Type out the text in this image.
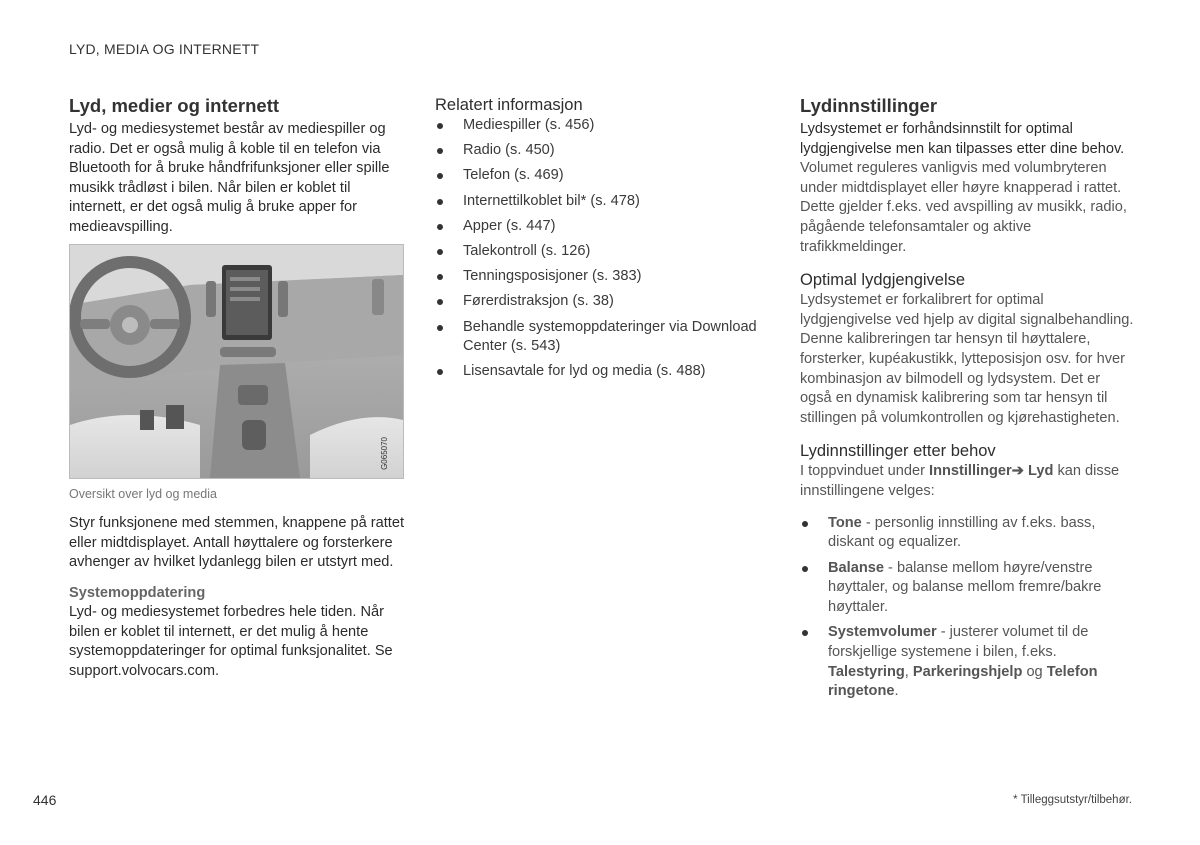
LYD, MEDIA OG INTERNETT
Lyd, medier og internett

Lyd- og mediesystemet består av mediespiller og radio. Det er også mulig å koble til en telefon via Bluetooth for å bruke håndfrifunksjoner eller spille musikk trådløst i bilen. Når bilen er koblet til internett, er det også mulig å bruke apper for medieavspilling.

G065070

Oversikt over lyd og media

Styr funksjonene med stemmen, knappene på rattet eller midtdisplayet. Antall høyttalere og forsterkere avhenger av hvilket lydanlegg bilen er utstyrt med.

Systemoppdatering

Lyd- og mediesystemet forbedres hele tiden. Når bilen er koblet til internett, er det mulig å hente systemoppdateringer for optimal funksjonalitet. Se support.volvocars.com.

Relatert informasjon
Mediespiller (s. 456)
Radio (s. 450)
Telefon (s. 469)
Internettilkoblet bil* (s. 478)
Apper (s. 447)
Talekontroll (s. 126)
Tenningsposisjoner (s. 383)
Førerdistraksjon (s. 38)
Behandle systemoppdateringer via Download Center (s. 543)
Lisensavtale for lyd og media (s. 488)
Lydinnstillinger

Lydsystemet er forhåndsinnstilt for optimal lydgjengivelse men kan tilpasses etter dine behov.

Volumet reguleres vanligvis med volumbryteren under midtdisplayet eller høyre knapperad i rattet. Dette gjelder f.eks. ved avspilling av musikk, radio, pågående telefonsamtaler og aktive trafikkmeldinger.

Optimal lydgjengivelse

Lydsystemet er forkalibrert for optimal lydgjengivelse ved hjelp av digital signalbehandling. Denne kalibreringen tar hensyn til høyttalere, forsterker, kupéakustikk, lytteposisjon osv. for hver kombinasjon av bilmodell og lydsystem. Det er også en dynamisk kalibrering som tar hensyn til stillingen på volumkontrollen og kjørehastigheten.

Lydinnstillinger etter behov

I toppvinduet under Innstillinger➔ Lyd kan disse innstillingene velges:

Tone - personlig innstilling av f.eks. bass, diskant og equalizer.
Balanse - balanse mellom høyre/venstre høyttaler, og balanse mellom fremre/bakre høyttaler.
Systemvolumer - justerer volumet til de forskjellige systemene i bilen, f.eks. Talestyring, Parkeringshjelp og Telefon ringetone.
446	* Tilleggsutstyr/tilbehør.
